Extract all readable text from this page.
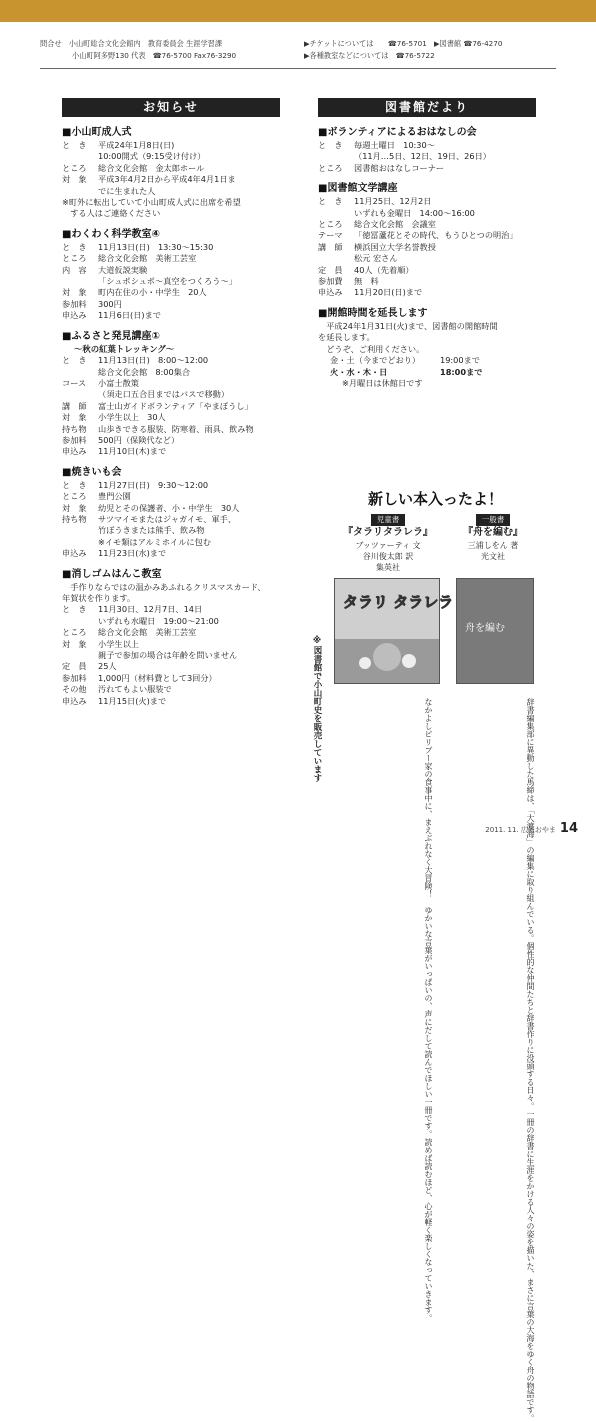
問合せ　 小山町総合文化会館内　教育委員会 生涯学習課
小山町阿多野130 代表　☎76-5700 Fax76-3290
▶チケットについては　　 ☎76-5701　 ▶図書館 ☎76-4270
▶各種教室などについては　 ☎76-5722
お知らせ	図書館だより
■小山町成人式
と　き	平成24年1月8日(日)
10:00開式（9:15受け付け）
ところ	総合文化会館　金太郎ホール
対　象	平成3年4月2日から平成4年4月1日ま
でに生まれた人
※町外に転出していて小山町成人式に出席を希望
　する人はご連絡ください
■わくわく科学教室④
と　き	11月13日(日)　13:30〜15:30
ところ	総合文化会館　美術工芸室
内　容	大道仮説実験
「シュポシュポ〜真空をつくろう〜」
対　象	町内在住の小・中学生　20人
参加料	300円
申込み	11月6日(日)まで
■ふるさと発見講座①
〜秋の紅葉トレッキング〜
と　き	11月13日(日)　8:00〜12:00
総合文化会館　8:00集合
コース	小富士散策
（須走口五合目まではバスで移動）
講　師	富士山ガイドボランティア「やまぼうし」
対　象	小学生以上　30人
持ち物	山歩きできる服装、防寒着、雨具、飲み物
参加料	500円（保険代など）
申込み	11月10日(木)まで
■焼きいも会
と　き	11月27日(日)　9:30〜12:00
ところ	豊門公園
対　象	幼児とその保護者、小・中学生　30人
持ち物	サツマイモまたはジャガイモ、軍手、
竹ぼうきまたは熊手、飲み物
※イモ類はアルミホイルに包む
申込み	11月23日(水)まで
■消しゴムはんこ教室
　手作りならではの温かみあふれるクリスマスカード、
年賀状を作ります。
と　き	11月30日、12月7日、14日
いずれも水曜日　19:00〜21:00
ところ	総合文化会館　美術工芸室
対　象	小学生以上
親子で参加の場合は年齢を問いません
定　員	25人
参加料	1,000円（材料費として3回分）
その他	汚れてもよい服装で
申込み	11月15日(火)まで
■ボランティアによるおはなしの会
と　き	毎週土曜日　10:30〜
（11月…5日、12日、19日、26日）
ところ	図書館おはなしコーナー
■図書館文学講座
と　き	11月25日、12月2日
いずれも金曜日　14:00〜16:00
ところ	総合文化会館　会議室
テーマ	「徳冨蘆花とその時代、もうひとつの明治」
講　師	横浜国立大学名誉教授
松元 宏さん
定　員	40人（先着順）
参加費	無　料
申込み	11月20日(日)まで
■開館時間を延長します
　平成24年1月31日(火)まで、図書館の開館時間
を延長します。
　どうぞ、ご利用ください。
金・土（今までどおり）	19:00まで
火・水・木・日	18:00まで
※月曜日は休館日です
新しい本入ったよ！
児童書
『タラリタラレラ』
ブッツァーティ 文
谷川俊太郎 訳
集英社
一般書
『舟を編む』
三浦しをん 著
光文社
タラリ タラレラ
舟を編む
※図書館で小山町史を販売しています	　なかよしビリブー家の食事中に、まえぶれなく大冒険！　ゆかいな言葉がいっぱいの、声にだして読んでほしい一冊です。読めば読むほど、心が軽く楽しくなっていきます。	　辞書編集部に異動した馬締は、「大渡海」の編集に取り組んでいる。個性的な仲間たちと辞書作りに没頭する日々。一冊の辞書に生涯をかける人々の姿を描いた、まさに言葉の大海をゆく舟の物語です。
2011. 11. 広報おやま 14
